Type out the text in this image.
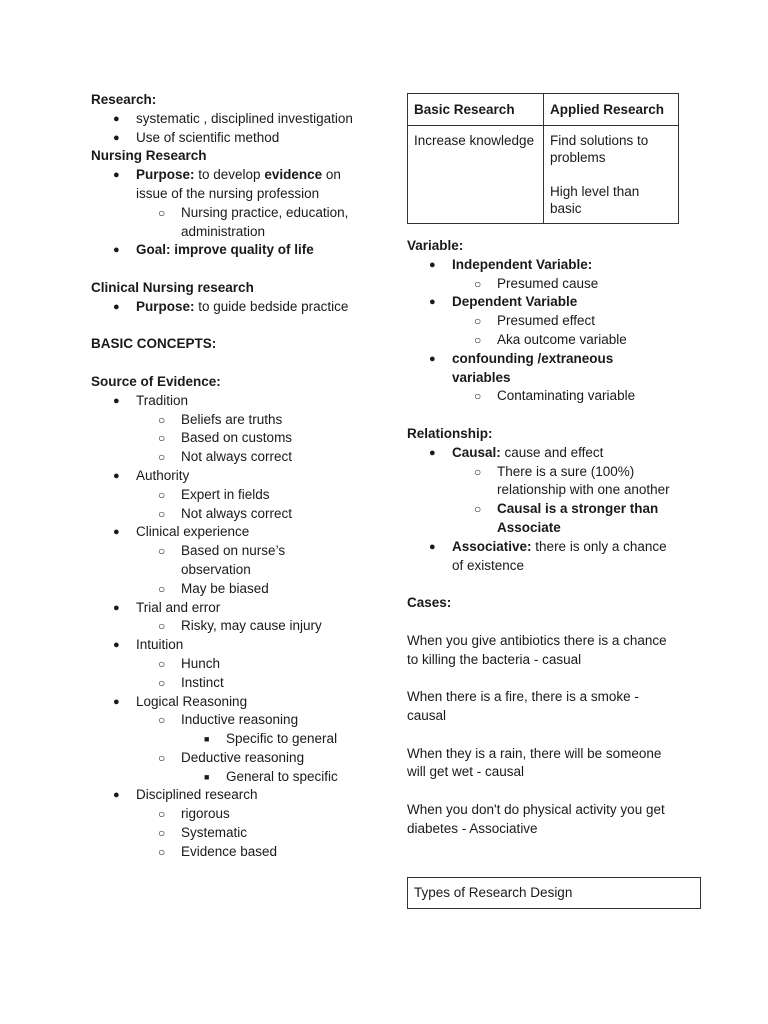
Research:
● systematic , disciplined investigation
● Use of scientific method
Nursing Research
● Purpose: to develop evidence on
issue of the nursing profession
○ Nursing practice, education,
administration
● Goal: improve quality of life
Clinical Nursing research
● Purpose: to guide bedside practice
BASIC CONCEPTS:
Source of Evidence:
● Tradition
○ Beliefs are truths
○ Based on customs
○ Not always correct
● Authority
○ Expert in fields
○ Not always correct
● Clinical experience
○ Based on nurse’s
observation
○ May be biased
● Trial and error
○ Risky, may cause injury
● Intuition
○ Hunch
○ Instinct
● Logical Reasoning
○ Inductive reasoning
■ Specific to general
○ Deductive reasoning
■ General to specific
● Disciplined research
○ rigorous
○ Systematic
○ Evidence based
Basic Research	Applied Research
Increase knowledge	Find solutions to problems
High level than basic
Variable:
● Independent Variable:
○ Presumed cause
● Dependent Variable
○ Presumed effect
○ Aka outcome variable
● confounding /extraneous
variables
○ Contaminating variable
Relationship:
● Causal: cause and effect
○ There is a sure (100%)
relationship with one another
○ Causal is a stronger than
Associate
● Associative: there is only a chance
of existence
Cases:
When you give antibiotics there is a chance
to killing the bacteria - casual
When there is a fire, there is a smoke -
causal
When they is a rain, there will be someone
will get wet - causal
When you don't do physical activity you get
diabetes - Associative
Types of Research Design
